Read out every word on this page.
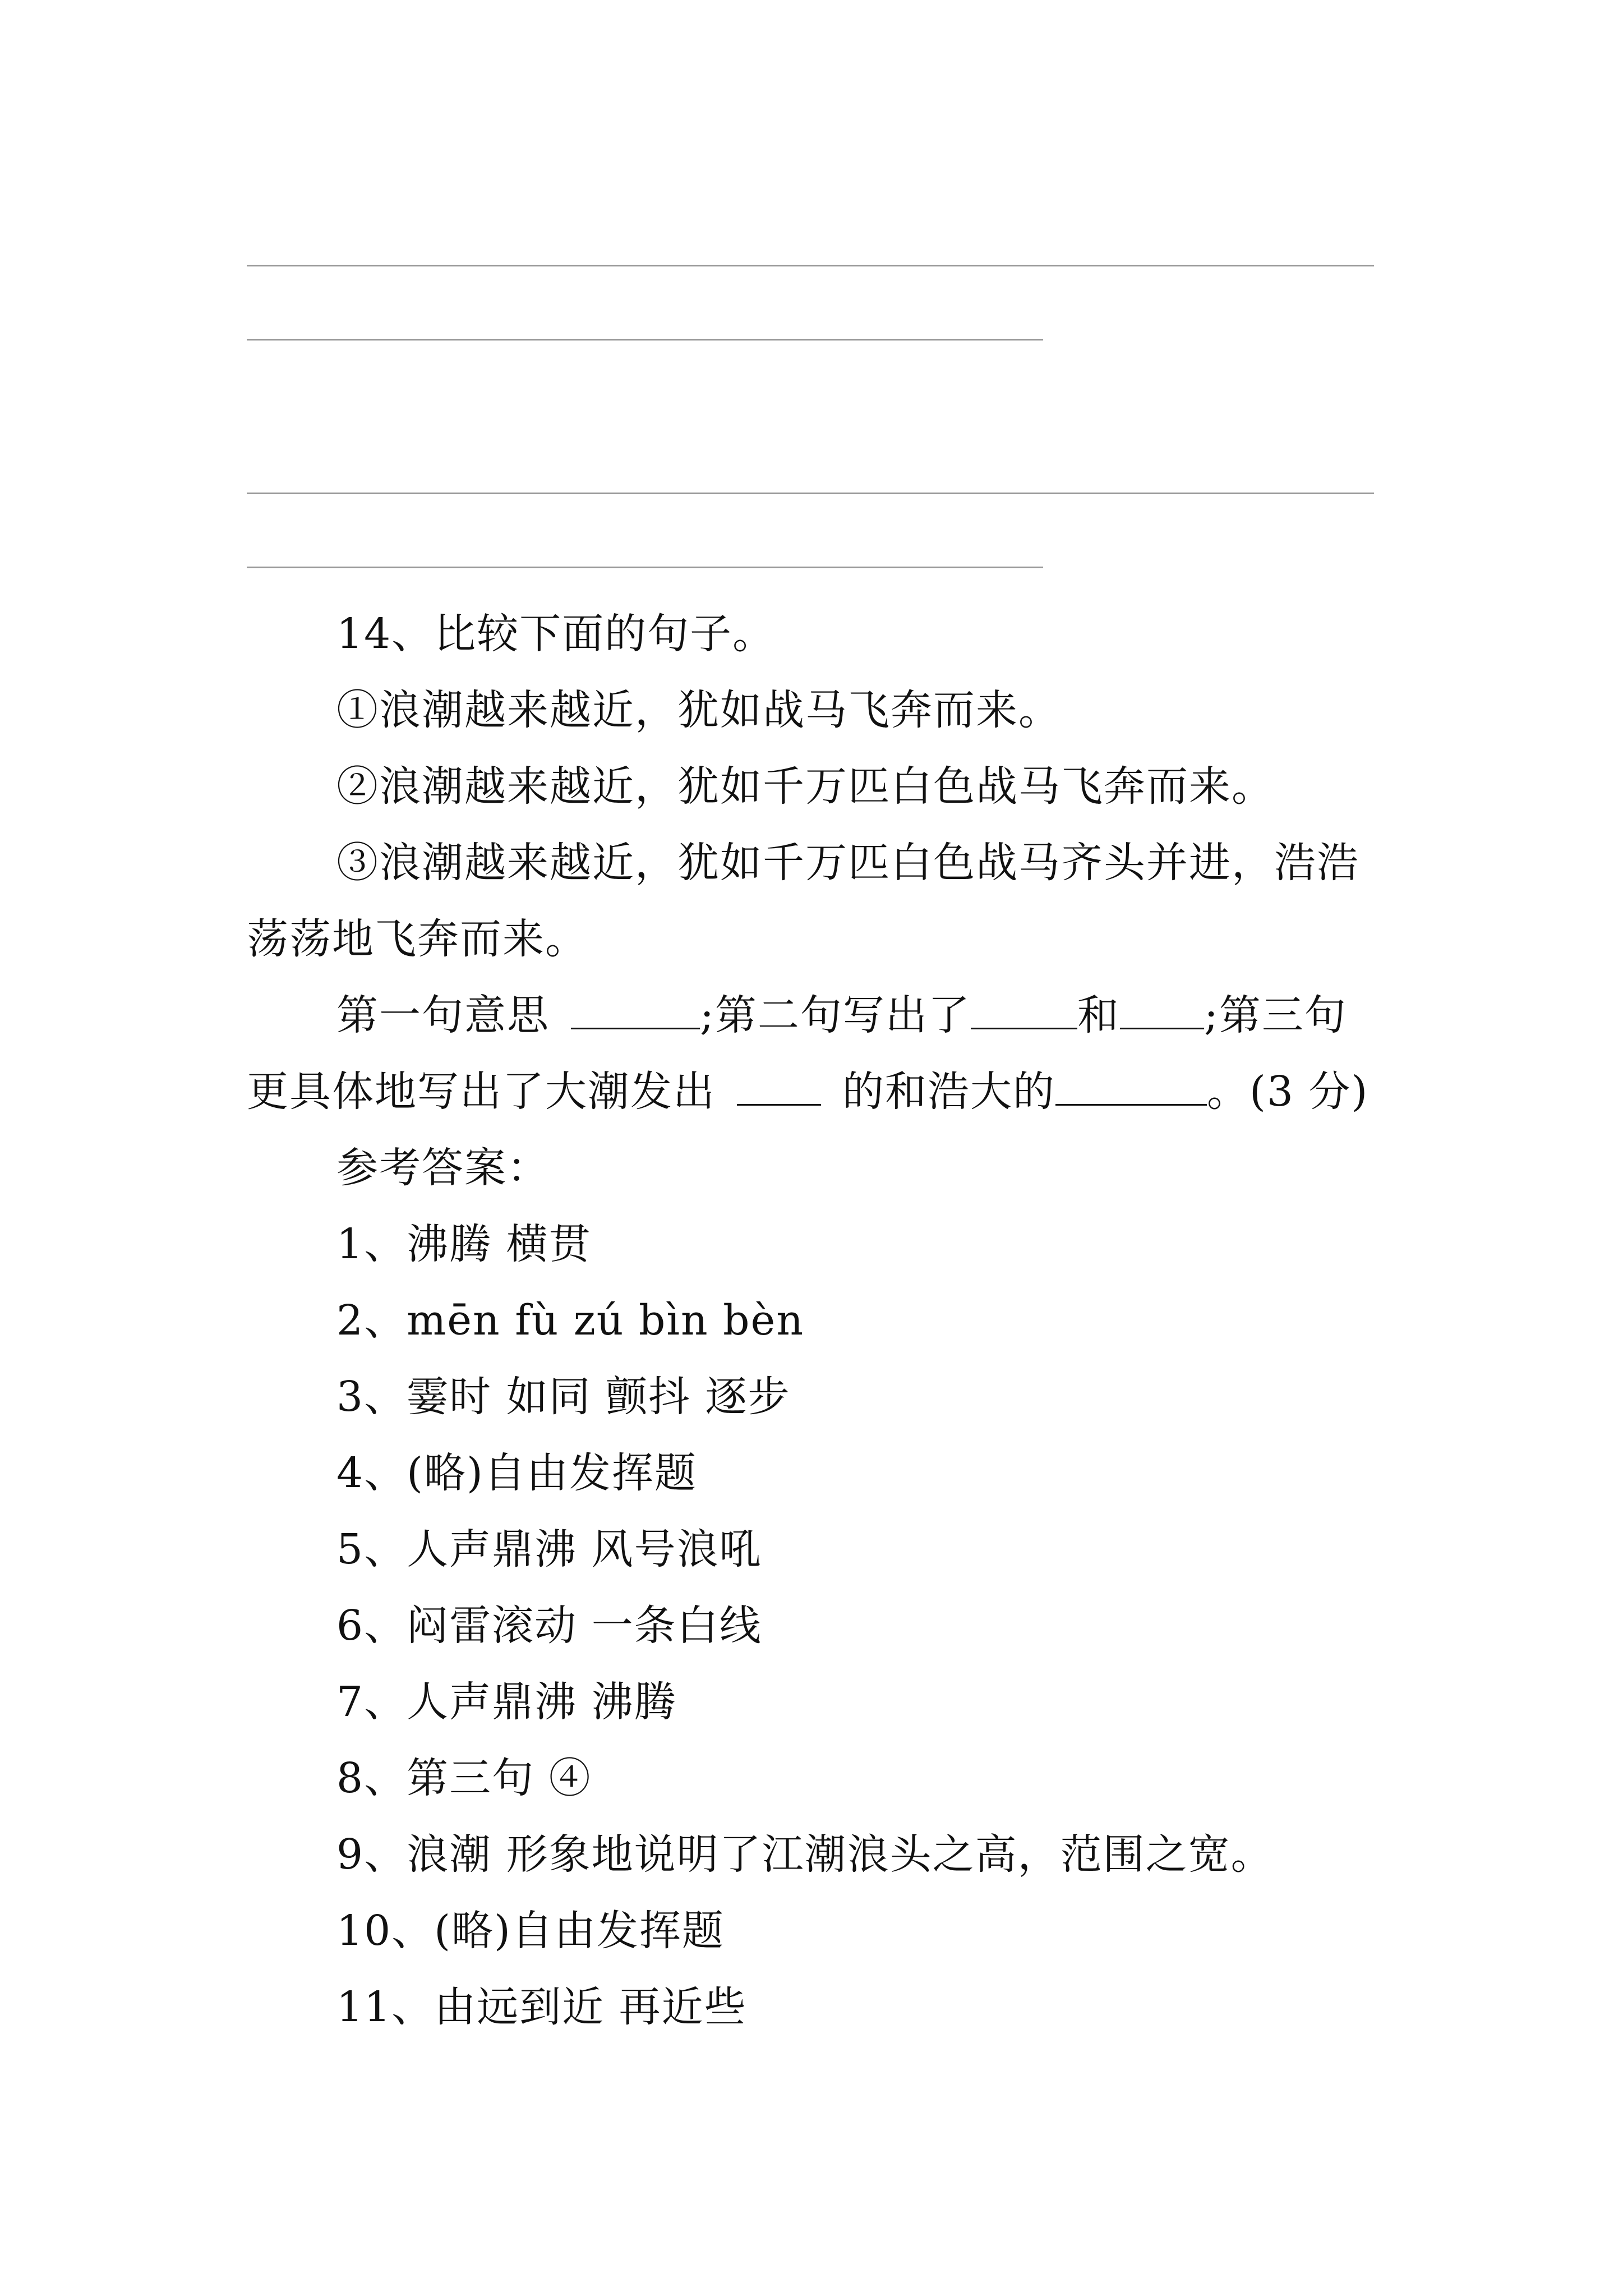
14、比较下面的句子。
①浪潮越来越近，犹如战马飞奔而来。
②浪潮越来越近，犹如千万匹白色战马飞奔而来。
③浪潮越来越近，犹如千万匹白色战马齐头并进，浩浩
荡荡地飞奔而来。
第一句意思	;第二句写出了	和 ;第三句
更具体地写出了大潮发出	的和浩大的	。(3 分)
参考答案：
1、沸腾 横贯
2、mēn fù zú bìn bèn
3、霎时 如同 颤抖 逐步
4、(略)自由发挥题
5、人声鼎沸 风号浪吼
6、闷雷滚动 一条白线
7、人声鼎沸 沸腾
8、第三句 ④
9、浪潮 形象地说明了江潮浪头之高，范围之宽。
10、(略)自由发挥题
11、由远到近 再近些
